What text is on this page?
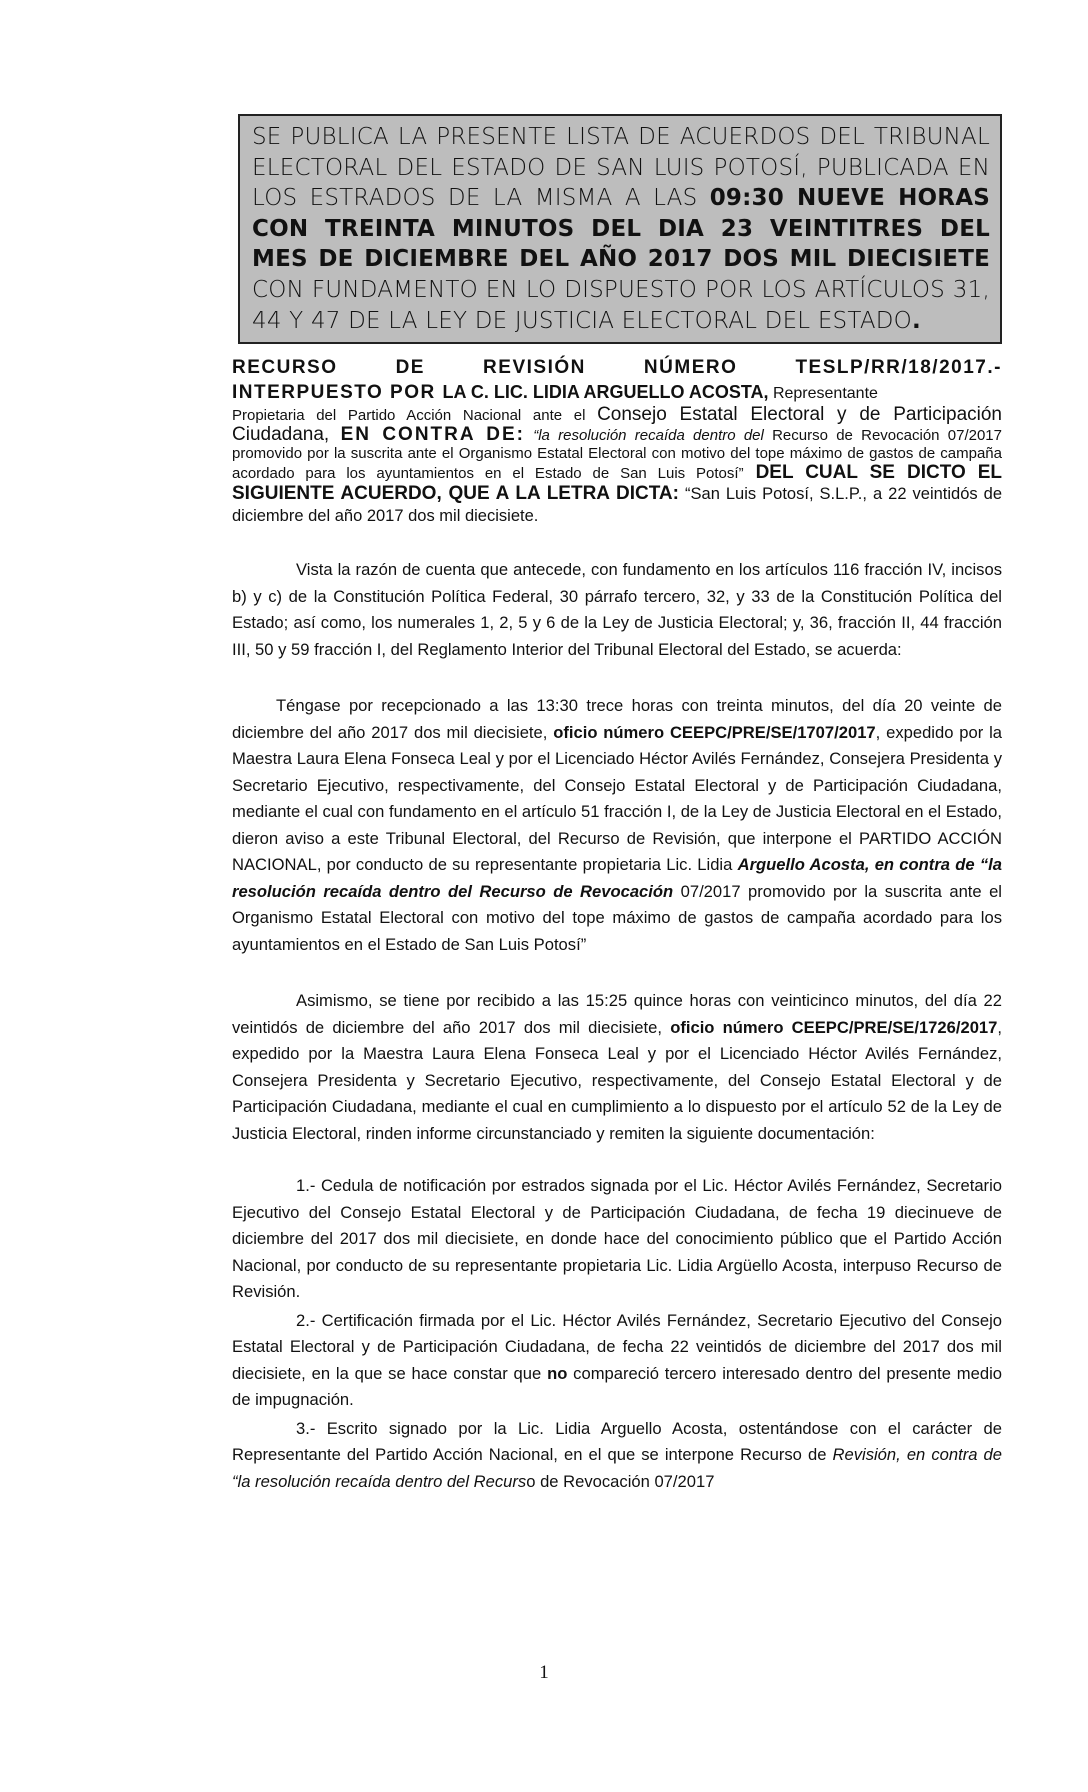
SE PUBLICA LA PRESENTE LISTA DE ACUERDOS DEL TRIBUNAL ELECTORAL DEL ESTADO DE SAN LUIS POTOSÍ, PUBLICADA EN LOS ESTRADOS DE LA MISMA A LAS 09:30 NUEVE HORAS CON TREINTA MINUTOS DEL DIA 23 VEINTITRES DEL MES DE DICIEMBRE DEL AÑO 2017 DOS MIL DIECISIETE CON FUNDAMENTO EN LO DISPUESTO POR LOS ARTÍCULOS 31, 44 Y 47 DE LA LEY DE JUSTICIA ELECTORAL DEL ESTADO.
RECURSO	DE	REVISIÓN	NÚMERO	TESLP/RR/18/2017.-
INTERPUESTO POR LA C. LIC. LIDIA ARGUELLO ACOSTA, Representante

Propietaria del Partido Acción Nacional ante el Consejo Estatal Electoral y de Participación Ciudadana, EN CONTRA DE: “la resolución recaída dentro del Recurso de Revocación 07/2017 promovido por la suscrita ante el Organismo Estatal Electoral con motivo del tope máximo de gastos de campaña acordado para los ayuntamientos en el Estado de San Luis Potosí” DEL CUAL SE DICTO EL SIGUIENTE ACUERDO, QUE A LA LETRA DICTA: “San Luis Potosí, S.L.P., a 22 veintidós de diciembre del año 2017 dos mil diecisiete.

Vista la razón de cuenta que antecede, con fundamento en los artículos 116 fracción IV, incisos b) y c) de la Constitución Política Federal, 30 párrafo tercero, 32, y 33 de la Constitución Política del Estado; así como, los numerales 1, 2, 5 y 6 de la Ley de Justicia Electoral; y, 36, fracción II, 44 fracción III, 50 y 59 fracción I, del Reglamento Interior del Tribunal Electoral del Estado, se acuerda:

Téngase por recepcionado a las 13:30 trece horas con treinta minutos, del día 20 veinte de diciembre del año 2017 dos mil diecisiete, oficio número CEEPC/PRE/SE/1707/2017, expedido por la Maestra Laura Elena Fonseca Leal y por el Licenciado Héctor Avilés Fernández, Consejera Presidenta y Secretario Ejecutivo, respectivamente, del Consejo Estatal Electoral y de Participación Ciudadana, mediante el cual con fundamento en el artículo 51 fracción I, de la Ley de Justicia Electoral en el Estado, dieron aviso a este Tribunal Electoral, del Recurso de Revisión, que interpone el PARTIDO ACCIÓN NACIONAL, por conducto de su representante propietaria Lic. Lidia Arguello Acosta, en contra de “la resolución recaída dentro del Recurso de Revocación 07/2017 promovido por la suscrita ante el Organismo Estatal Electoral con motivo del tope máximo de gastos de campaña acordado para los ayuntamientos en el Estado de San Luis Potosí”

Asimismo, se tiene por recibido a las 15:25 quince horas con veinticinco minutos, del día 22 veintidós de diciembre del año 2017 dos mil diecisiete, oficio número CEEPC/PRE/SE/1726/2017, expedido por la Maestra Laura Elena Fonseca Leal y por el Licenciado Héctor Avilés Fernández, Consejera Presidenta y Secretario Ejecutivo, respectivamente, del Consejo Estatal Electoral y de Participación Ciudadana, mediante el cual en cumplimiento a lo dispuesto por el artículo 52 de la Ley de Justicia Electoral, rinden informe circunstanciado y remiten la siguiente documentación:

1.- Cedula de notificación por estrados signada por el Lic. Héctor Avilés Fernández, Secretario Ejecutivo del Consejo Estatal Electoral y de Participación Ciudadana, de fecha 19 diecinueve de diciembre del 2017 dos mil diecisiete, en donde hace del conocimiento público que el Partido Acción Nacional, por conducto de su representante propietaria Lic. Lidia Argüello Acosta, interpuso Recurso de Revisión.

2.- Certificación firmada por el Lic. Héctor Avilés Fernández, Secretario Ejecutivo del Consejo Estatal Electoral y de Participación Ciudadana, de fecha 22 veintidós de diciembre del 2017 dos mil diecisiete, en la que se hace constar que no compareció tercero interesado dentro del presente medio de impugnación.

3.- Escrito signado por la Lic. Lidia Arguello Acosta, ostentándose con el carácter de Representante del Partido Acción Nacional, en el que se interpone Recurso de Revisión, en contra de “la resolución recaída dentro del Recurso de Revocación 07/2017

1
